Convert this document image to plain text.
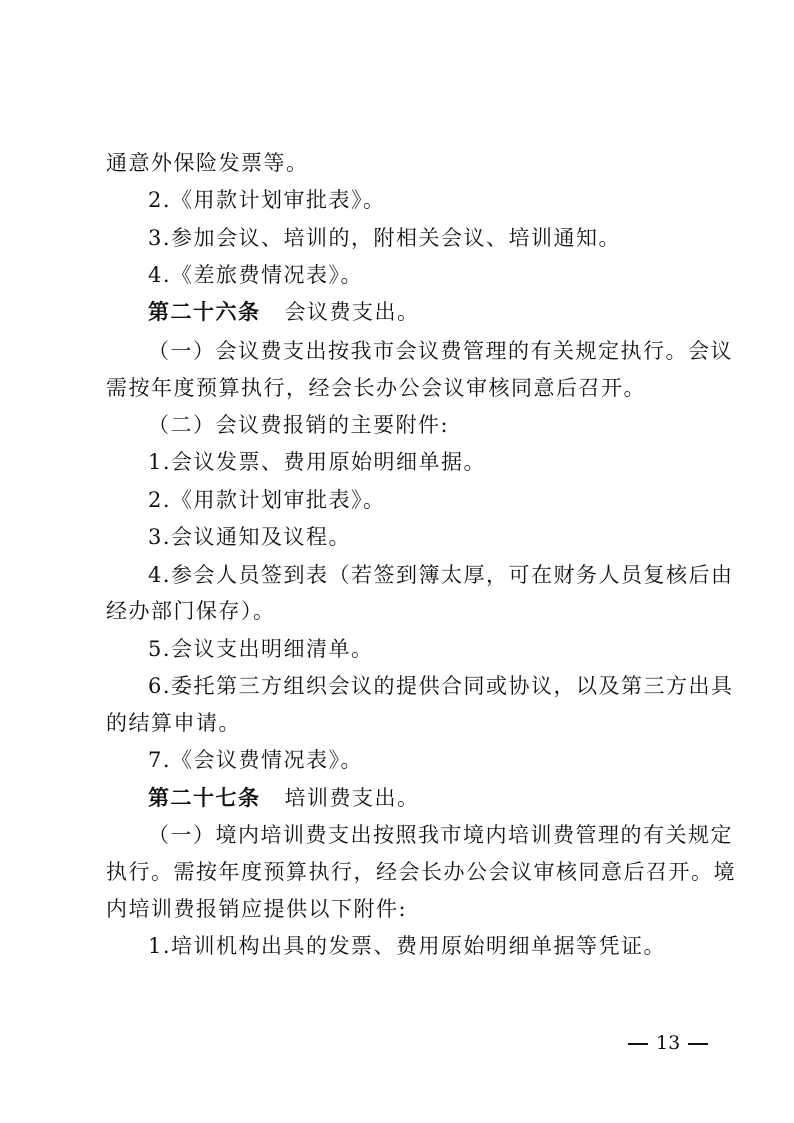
通意外保险发票等。
2.《用款计划审批表》。
3.参加会议、培训的，附相关会议、培训通知。
4.《差旅费情况表》。
第二十六条 会议费支出。
（一）会议费支出按我市会议费管理的有关规定执行。会议
需按年度预算执行，经会长办公会议审核同意后召开。
（二）会议费报销的主要附件:
1.会议发票、费用原始明细单据。
2.《用款计划审批表》。
3.会议通知及议程。
4.参会人员签到表（若签到簿太厚，可在财务人员复核后由
经办部门保存）。
5.会议支出明细清单。
6.委托第三方组织会议的提供合同或协议，以及第三方出具
的结算申请。
7.《会议费情况表》。
第二十七条 培训费支出。
（一）境内培训费支出按照我市境内培训费管理的有关规定
执行。需按年度预算执行，经会长办公会议审核同意后召开。境
内培训费报销应提供以下附件:
1.培训机构出具的发票、费用原始明细单据等凭证。
13
